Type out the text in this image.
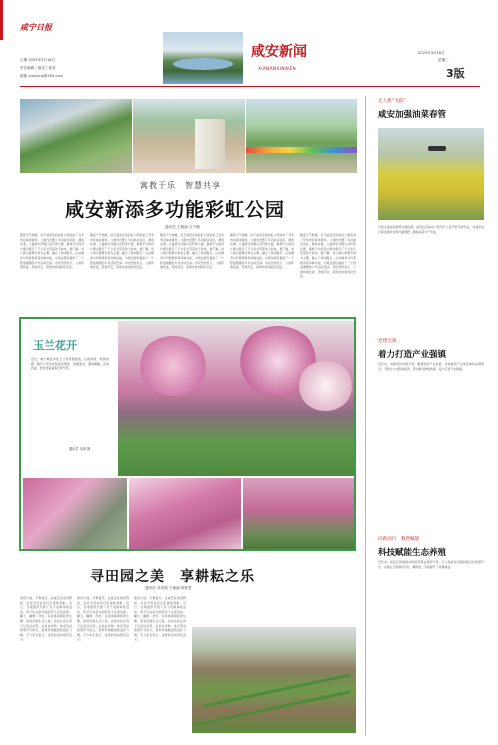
咸宁日报
日期 2025年3月18日
责任编辑 / 版式 / 校对
邮箱 xianning@163.com
咸安新闻
XIANANXINWEN
2025年3月18日
星期二
3版
寓教于乐　智慧共享
咸安新添多功能彩虹公园
通讯员 王雅丽 万子楠
随着天气转暖，位于咸安区的彩虹公园迎来了众多市民前来游玩。公园内设置了多功能活动区、健身步道、儿童游乐设施以及科普长廊，寓教于乐的设计理念吸引了不少家长带着孩子前来。据了解，该公园以智慧共享为主题，融合了休闲娱乐、运动健身与科普教育等多种功能，为周边居民提供了一个舒适便捷的户外活动空间。市民纷纷表示，公园环境优美，设施齐全，是周末休闲的好去处。
随着天气转暖，位于咸安区的彩虹公园迎来了众多市民前来游玩。公园内设置了多功能活动区、健身步道、儿童游乐设施以及科普长廊，寓教于乐的设计理念吸引了不少家长带着孩子前来。据了解，该公园以智慧共享为主题，融合了休闲娱乐、运动健身与科普教育等多种功能，为周边居民提供了一个舒适便捷的户外活动空间。市民纷纷表示，公园环境优美，设施齐全，是周末休闲的好去处。
随着天气转暖，位于咸安区的彩虹公园迎来了众多市民前来游玩。公园内设置了多功能活动区、健身步道、儿童游乐设施以及科普长廊，寓教于乐的设计理念吸引了不少家长带着孩子前来。据了解，该公园以智慧共享为主题，融合了休闲娱乐、运动健身与科普教育等多种功能，为周边居民提供了一个舒适便捷的户外活动空间。市民纷纷表示，公园环境优美，设施齐全，是周末休闲的好去处。
随着天气转暖，位于咸安区的彩虹公园迎来了众多市民前来游玩。公园内设置了多功能活动区、健身步道、儿童游乐设施以及科普长廊，寓教于乐的设计理念吸引了不少家长带着孩子前来。据了解，该公园以智慧共享为主题，融合了休闲娱乐、运动健身与科普教育等多种功能，为周边居民提供了一个舒适便捷的户外活动空间。市民纷纷表示，公园环境优美，设施齐全，是周末休闲的好去处。
随着天气转暖，位于咸安区的彩虹公园迎来了众多市民前来游玩。公园内设置了多功能活动区、健身步道、儿童游乐设施以及科普长廊，寓教于乐的设计理念吸引了不少家长带着孩子前来。据了解，该公园以智慧共享为主题，融合了休闲娱乐、运动健身与科普教育等多种功能，为周边居民提供了一个舒适便捷的户外活动空间。市民纷纷表示，公园环境优美，设施齐全，是周末休闲的好去处。
玉兰花开
近日，咸宁城区多处玉兰花竞相绽放，白的如雪，粉的似霞，吸引了众多市民驻足观赏、拍照留念。春风拂面，花香四溢，处处洋溢着春天的气息。
通讯员 吴涛 摄
寻田园之美　享耕耘之乐
通讯员 邓奇瑞 王雅丽 何斯君
春回大地，万物复苏。在咸安区的田野间，处处可见农民们忙碌的身影。近日，当地组织开展了亲子农耕体验活动，孩子们在家长的陪伴下走进田间，翻土、播种、浇水，亲身体验耕耘的乐趣，感受田园生活之美。活动旨在让孩子们亲近自然、认识农作物、体会劳动的艰辛与快乐，培养珍惜粮食的良好习惯。不少家长表示，这样的活动很有意义。
春回大地，万物复苏。在咸安区的田野间，处处可见农民们忙碌的身影。近日，当地组织开展了亲子农耕体验活动，孩子们在家长的陪伴下走进田间，翻土、播种、浇水，亲身体验耕耘的乐趣，感受田园生活之美。活动旨在让孩子们亲近自然、认识农作物、体会劳动的艰辛与快乐，培养珍惜粮食的良好习惯。不少家长表示，这样的活动很有意义。
春回大地，万物复苏。在咸安区的田野间，处处可见农民们忙碌的身影。近日，当地组织开展了亲子农耕体验活动，孩子们在家长的陪伴下走进田间，翻土、播种、浇水，亲身体验耕耘的乐趣，感受田园生活之美。活动旨在让孩子们亲近自然、认识农作物、体会劳动的艰辛与快乐，培养珍惜粮食的良好习惯。不少家长表示，这样的活动很有意义。
无人机“飞防”
咸安加强油菜春管
当前正值油菜春管关键时期，咸安区各地农户利用无人机开展飞防作业，对油菜进行病虫害防治和叶面施肥，确保油菜丰产丰收。
党建引领
着力打造产业强镇
近年来，该镇坚持党建引领，聚焦特色产业发展，持续推进产业链延伸和品牌建设，不断壮大村集体经济，带动群众增收致富，着力打造产业强镇。
向新而行　数智赋能
科技赋能生态养殖
近年来，咸安区积极推动传统养殖业转型升级，引入智能化设备和数字化管理平台，实现生态养殖科学化、精细化，有效提升了养殖效益。
